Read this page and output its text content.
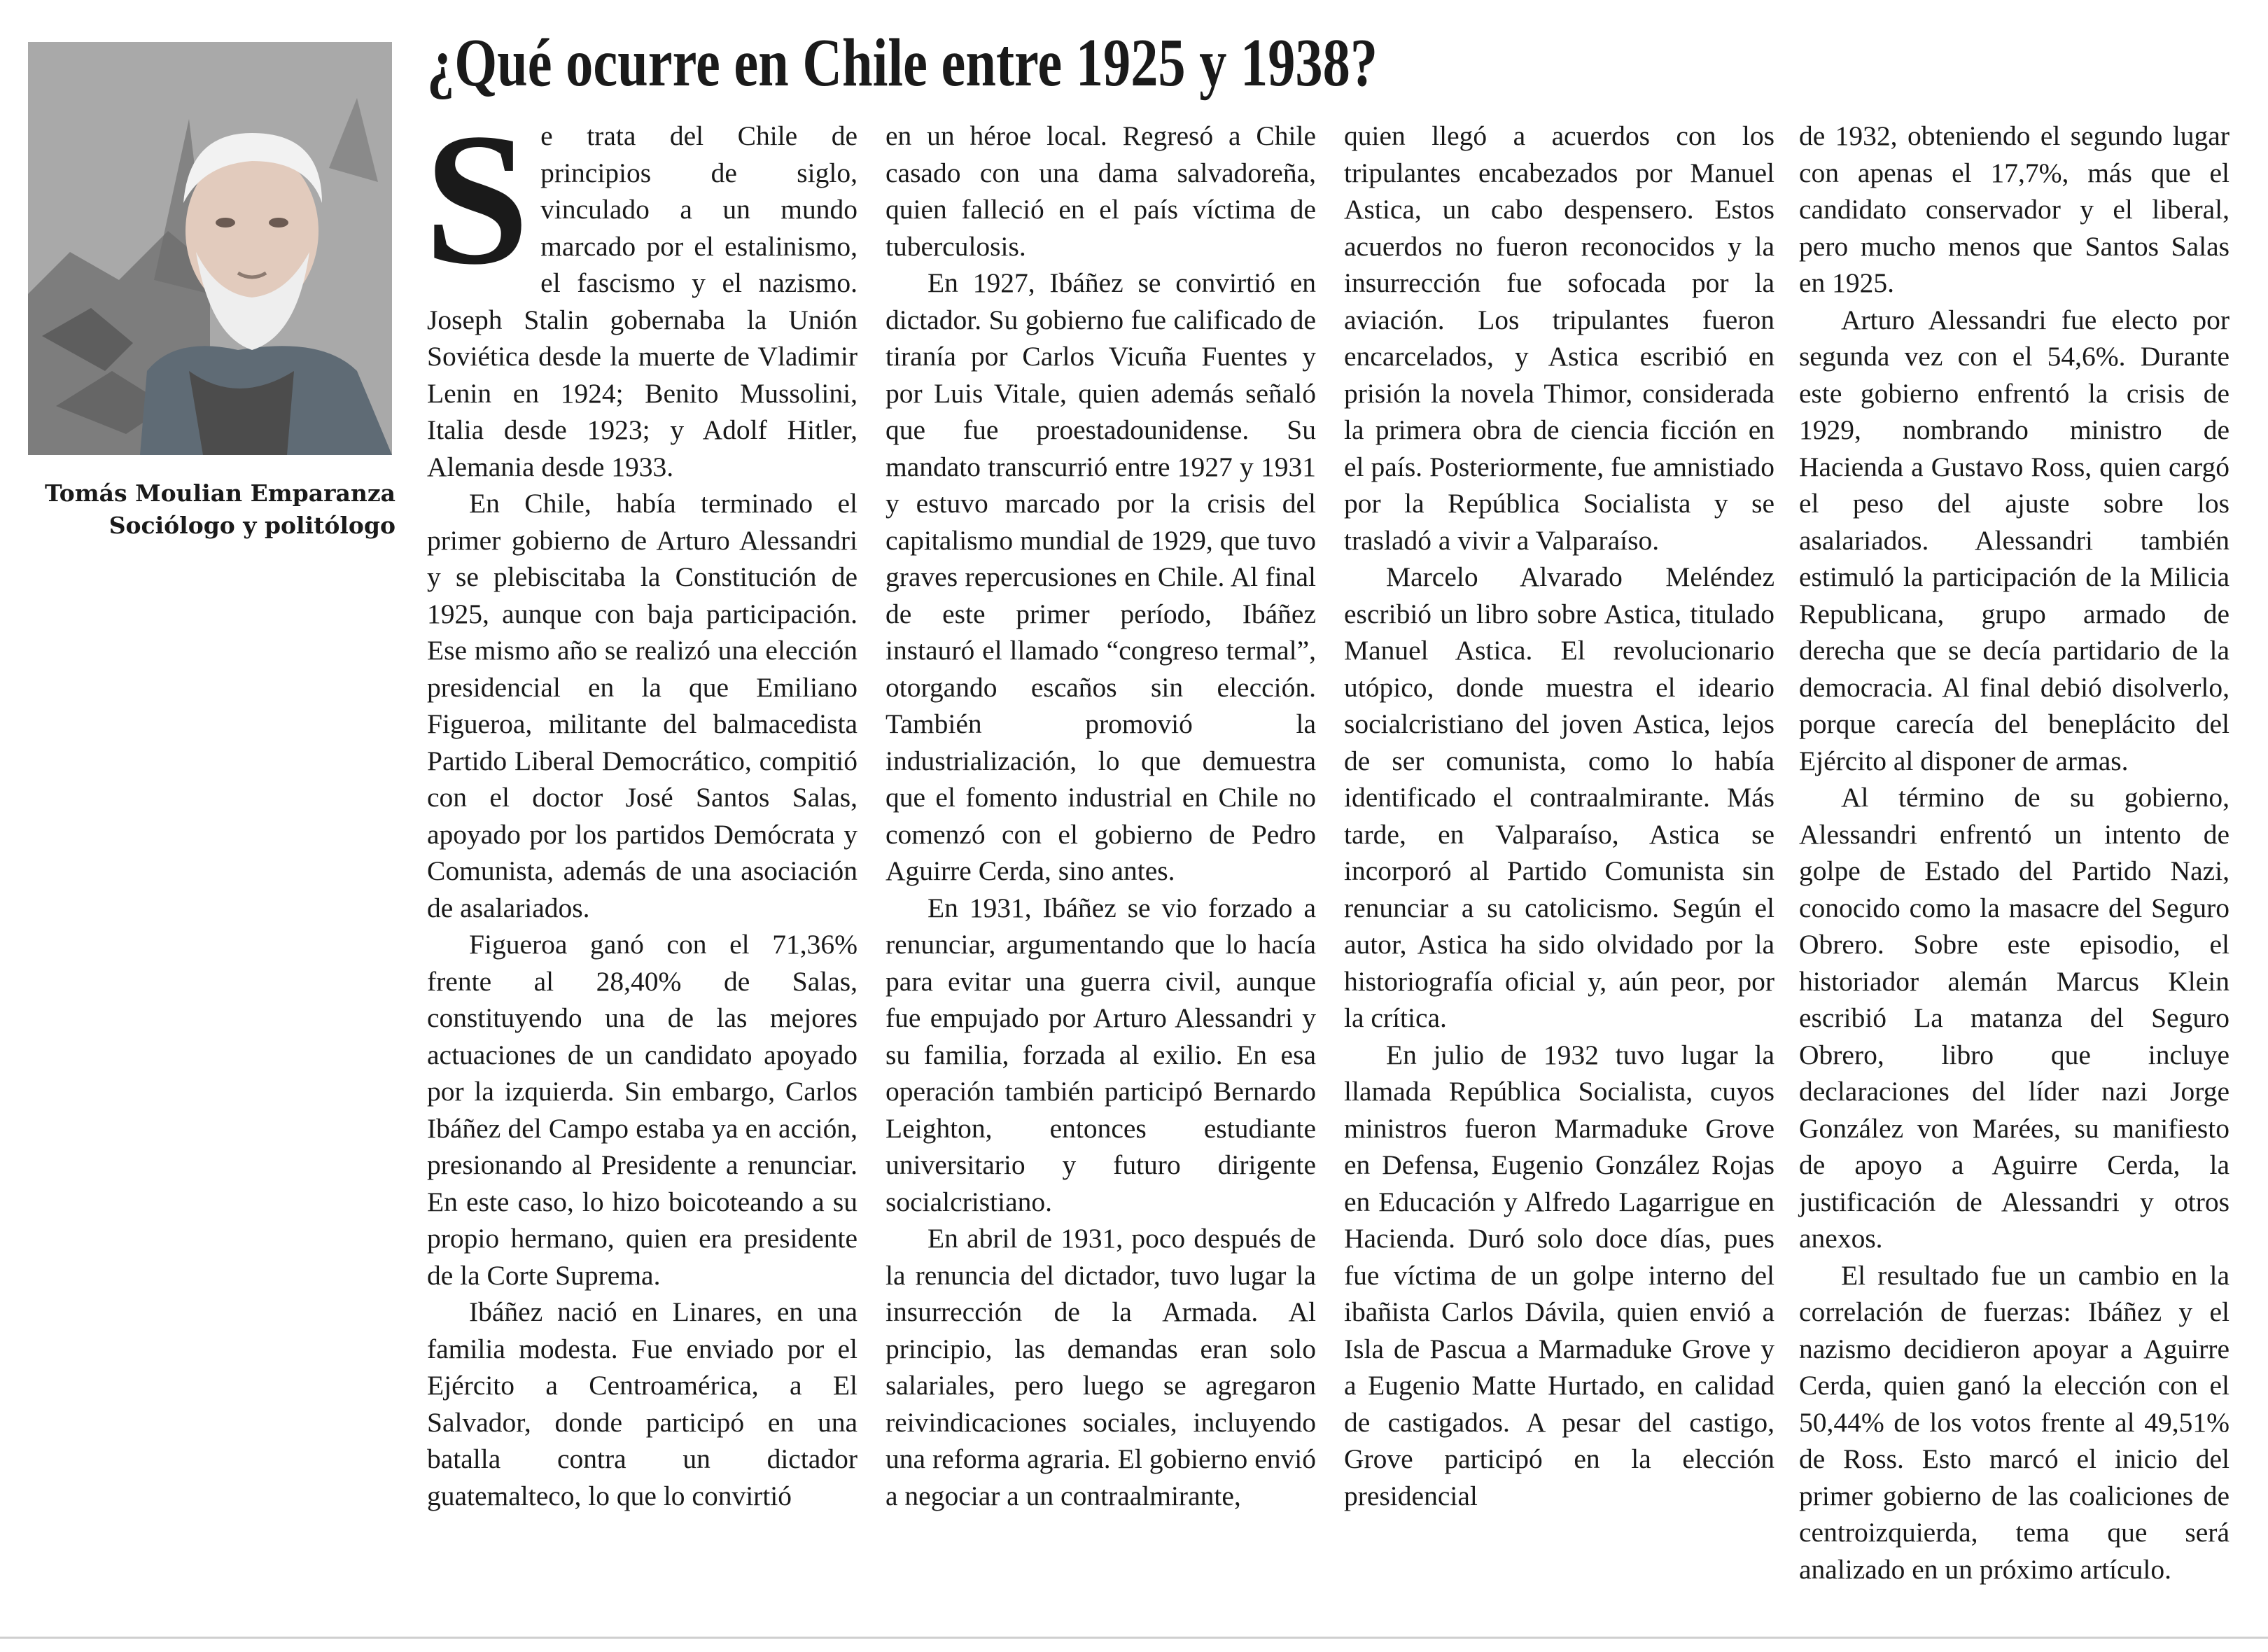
Tomás Moulian Emparanza
Sociólogo y politólogo
¿Qué ocurre en Chile entre 1925 y 1938?
S e trata del Chile de principios de siglo, vinculado a un mundo marcado por el estalinismo, el fascismo y el nazismo. Joseph Stalin gobernaba la Unión Soviética desde la muerte de Vladimir Lenin en 1924; Benito Mussolini, Italia desde 1923; y Adolf Hitler, Alemania desde 1933.

En Chile, había terminado el primer gobierno de Arturo Alessandri y se plebiscitaba la Constitución de 1925, aunque con baja participación. Ese mismo año se realizó una elección presidencial en la que Emiliano Figueroa, militante del balmacedista Partido Liberal Democrático, compitió con el doctor José Santos Salas, apoyado por los partidos Demócrata y Comunista, además de una asociación de asalariados.

Figueroa ganó con el 71,36% frente al 28,40% de Salas, constituyendo una de las mejores actuaciones de un candidato apoyado por la izquierda. Sin embargo, Carlos Ibáñez del Campo estaba ya en acción, presionando al Presidente a renunciar. En este caso, lo hizo boicoteando a su propio hermano, quien era presidente de la Corte Suprema.

Ibáñez nació en Linares, en una familia modesta. Fue enviado por el Ejército a Centroamérica, a El Salvador, donde participó en una batalla contra un dictador guatemalteco, lo que lo convirtió

en un héroe local. Regresó a Chile casado con una dama salvadoreña, quien falleció en el país víctima de tuberculosis.

En 1927, Ibáñez se convirtió en dictador. Su gobierno fue calificado de tiranía por Carlos Vicuña Fuentes y por Luis Vitale, quien además señaló que fue proestadounidense. Su mandato transcurrió entre 1927 y 1931 y estuvo marcado por la crisis del capitalismo mundial de 1929, que tuvo graves repercusiones en Chile. Al final de este primer período, Ibáñez instauró el llamado “congreso termal”, otorgando escaños sin elección. También promovió la industrialización, lo que demuestra que el fomento industrial en Chile no comenzó con el gobierno de Pedro Aguirre Cerda, sino antes.

En 1931, Ibáñez se vio forzado a renunciar, argumentando que lo hacía para evitar una guerra civil, aunque fue empujado por Arturo Alessandri y su familia, forzada al exilio. En esa operación también participó Bernardo Leighton, entonces estudiante universitario y futuro dirigente socialcristiano.

En abril de 1931, poco después de la renuncia del dictador, tuvo lugar la insurrección de la Armada. Al principio, las demandas eran solo salariales, pero luego se agregaron reivindicaciones sociales, incluyendo una reforma agraria. El gobierno envió a negociar a un contraalmirante,

quien llegó a acuerdos con los tripulantes encabezados por Manuel Astica, un cabo despensero. Estos acuerdos no fueron reconocidos y la insurrección fue sofocada por la aviación. Los tripulantes fueron encarcelados, y Astica escribió en prisión la novela Thimor, considerada la primera obra de ciencia ficción en el país. Posteriormente, fue amnistiado por la República Socialista y se trasladó a vivir a Valparaíso.

Marcelo Alvarado Meléndez escribió un libro sobre Astica, titulado Manuel Astica. El revolucionario utópico, donde muestra el ideario socialcristiano del joven Astica, lejos de ser comunista, como lo había identificado el contraalmirante. Más tarde, en Valparaíso, Astica se incorporó al Partido Comunista sin renunciar a su catolicismo. Según el autor, Astica ha sido olvidado por la historiografía oficial y, aún peor, por la crítica.

En julio de 1932 tuvo lugar la llamada República Socialista, cuyos ministros fueron Marmaduke Grove en Defensa, Eugenio González Rojas en Educación y Alfredo Lagarrigue en Hacienda. Duró solo doce días, pues fue víctima de un golpe interno del ibañista Carlos Dávila, quien envió a Isla de Pascua a Marmaduke Grove y a Eugenio Matte Hurtado, en calidad de castigados. A pesar del castigo, Grove participó en la elección presidencial

de 1932, obteniendo el segundo lugar con apenas el 17,7%, más que el candidato conservador y el liberal, pero mucho menos que Santos Salas en 1925.

Arturo Alessandri fue electo por segunda vez con el 54,6%. Durante este gobierno enfrentó la crisis de 1929, nombrando ministro de Hacienda a Gustavo Ross, quien cargó el peso del ajuste sobre los asalariados. Alessandri también estimuló la participación de la Milicia Republicana, grupo armado de derecha que se decía partidario de la democracia. Al final debió disolverlo, porque carecía del beneplácito del Ejército al disponer de armas.

Al término de su gobierno, Alessandri enfrentó un intento de golpe de Estado del Partido Nazi, conocido como la masacre del Seguro Obrero. Sobre este episodio, el historiador alemán Marcus Klein escribió La matanza del Seguro Obrero, libro que incluye declaraciones del líder nazi Jorge González von Marées, su manifiesto de apoyo a Aguirre Cerda, la justificación de Alessandri y otros anexos.

El resultado fue un cambio en la correlación de fuerzas: Ibáñez y el nazismo decidieron apoyar a Aguirre Cerda, quien ganó la elección con el 50,44% de los votos frente al 49,51% de Ross. Esto marcó el inicio del primer gobierno de las coaliciones de centroizquierda, tema que será analizado en un próximo artículo.
